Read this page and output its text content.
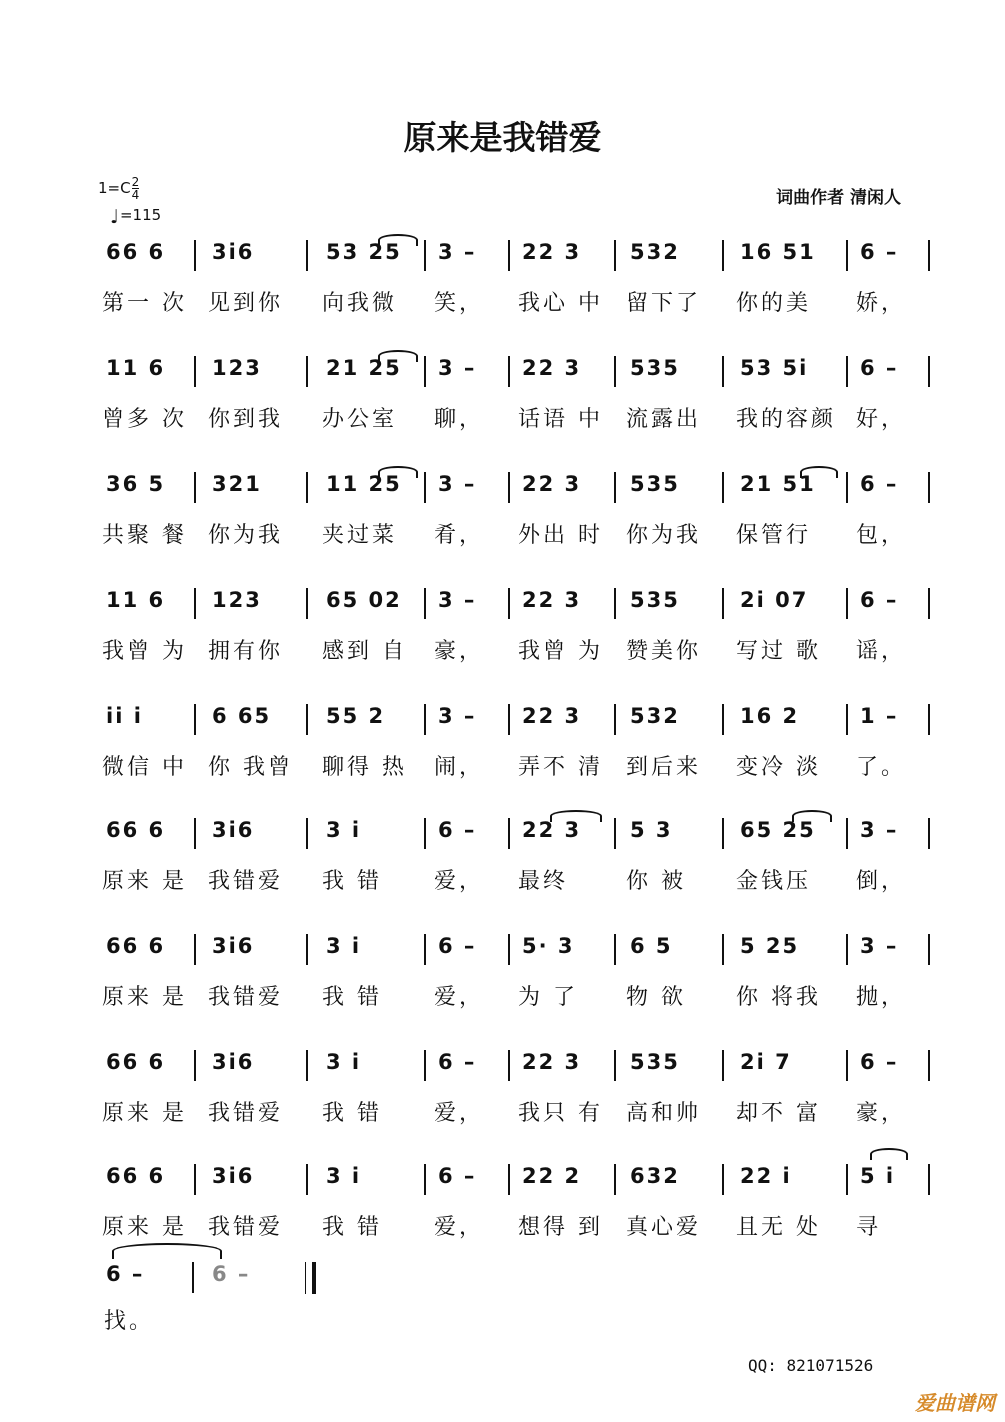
原来是我错爱
$1=C \frac{2}{4}$
♩=115
词曲作者 清闲人
66 6 3i6	53 25 3 – 22 3 532	16 51 6 –
第一 次 见到你 向我微 笑， 我心 中 留下了 你的美 娇，
11 6 123	21 25 3 – 22 3 535	53 5i 6 –
曾多 次 你到我 办公室 聊， 话语 中 流露出 我的容颜 好，
36 5 321	11 25 3 – 22 3 535	21 51 6 –
共聚 餐 你为我 夹过菜 肴， 外出 时 你为我 保管行 包，
11 6 123	65 02 3 – 22 3 535	2i 07 6 –
我曾 为 拥有你 感到 自 豪， 我曾 为 赞美你 写过 歌 谣，
ii i	6 65	55 2	3 – 22 3 532	16 2	1 –
微信 中 你 我曾 聊得 热 闹， 弄不 清 到后来 变冷 淡 了。
66 6 3i6	3 i	6 – 22 3 5 3	65 25 3 –
原来 是 我错爱 我 错 爱， 最终	你 被 金钱压 倒，
66 6 3i6	3 i	6 – 5· 3	6 5	5 25	3 –
原来 是 我错爱 我 错 爱， 为 了 物 欲 你 将我 抛，
66 6 3i6	3 i	6 – 22 3 535	2i 7	6 –
原来 是 我错爱 我 错 爱， 我只 有 高和帅 却不 富 豪，
66 6 3i6	3 i	6 – 22 2 632	22 i	5 i
原来 是 我错爱 我 错 爱， 想得 到 真心爱 且无 处 寻
6 –	6 –
找。
QQ: 821071526
爱曲谱网
